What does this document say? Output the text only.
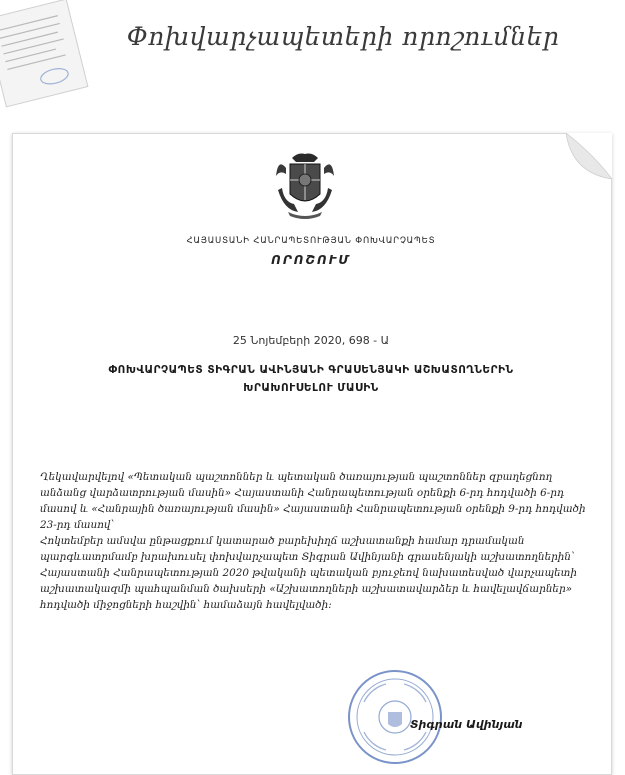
Փոխվարչապետերի որոշումներ
ՀԱՅԱՍՏԱՆԻ ՀԱՆՐԱՊԵՏՈՒԹՅԱՆ ՓՈԽՎԱՐՉԱՊԵՏ
ՈՐՈՇՈՒՄ
25 Նոյեմբերի 2020, 698 - Ա
ՓՈԽՎԱՐՉԱՊԵՏ ՏԻԳՐԱՆ ԱՎԻՆՅԱՆԻ ԳՐԱՍԵՆՅԱԿԻ ԱՇԽԱՏՈՂՆԵՐԻՆ
ԽՐԱԽՈՒՍԵԼՈՒ ՄԱՍԻՆ

Ղեկավարվելով «Պետական պաշտոններ և պետական ծառայության պաշտոններ զբաղեցնող անձանց վարձատրության մասին» Հայաստանի Հանրապետության օրենքի 6-րդ հոդվածի 6-րդ մասով և «Հանրային ծառայության մասին» Հայաստանի Հանրապետության օրենքի 9-րդ հոդվածի 23-րդ մասով՝

Հոկտեմբեր ամսվա ընթացքում կատարած բարեխիղճ աշխատանքի համար դրամական պարգևատրմամբ խրախուսել փոխվարչապետ Տիգրան Ավինյանի գրասենյակի աշխատողներին՝ Հայաստանի Հանրապետության 2020 թվականի պետական բյուջեով նախատեսված վարչապետի աշխատակազմի պահպանման ծախսերի «Աշխատողների աշխատավարձեր և հավելավճարներ» հոդվածի միջոցների հաշվին՝ համաձայն հավելվածի:

Տիգրան Ավինյան
